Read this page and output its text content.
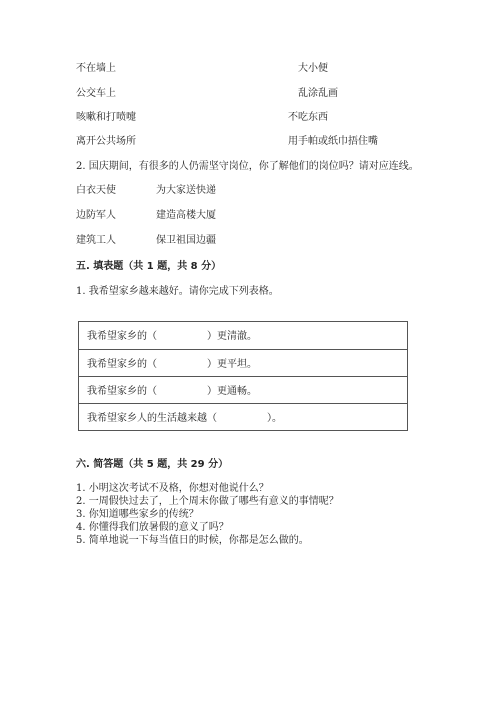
不在墙上	大小便
公交车上	乱涂乱画
咳嗽和打喷嚏	不吃东西
离开公共场所	用手帕或纸巾捂住嘴
2. 国庆期间，有很多的人仍需坚守岗位，你了解他们的岗位吗？请对应连线。
白衣天使	为大家送快递
边防军人	建造高楼大厦
建筑工人	保卫祖国边疆
五. 填表题（共 1 题，共 8 分）
1. 我希望家乡越来越好。请你完成下列表格。
我希望家乡的（　　　　　）更清澈。
我希望家乡的（　　　　　）更平坦。
我希望家乡的（　　　　　）更通畅。
我希望家乡人的生活越来越（　　　　　）。
六. 简答题（共 5 题，共 29 分）
1. 小明这次考试不及格，你想对他说什么？
2. 一周假快过去了，上个周末你做了哪些有意义的事情呢？
3. 你知道哪些家乡的传统？
4. 你懂得我们放暑假的意义了吗？
5. 简单地说一下每当值日的时候，你都是怎么做的。
